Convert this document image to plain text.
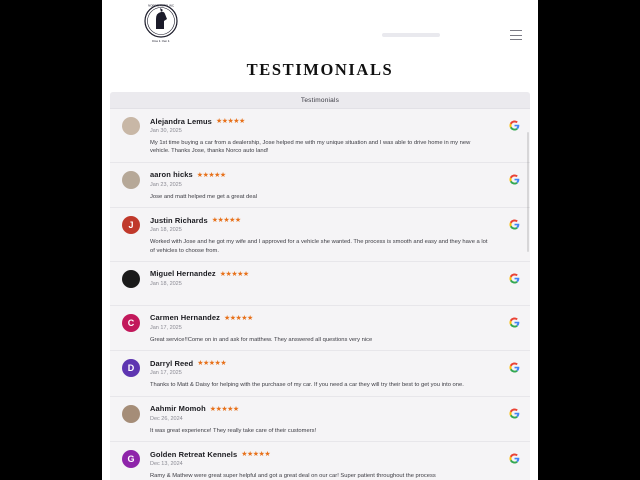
NORCO AUTO INC
Drive It. Own It.
TESTIMONIALS
Testimonials
Alejandra Lemus ★★★★★
Jan 30, 2025
My 1st time buying a car from a dealership, Jose helped me with my unique situation and I was able to drive home in my new vehicle. Thanks Jose, thanks Norco auto land!
aaron hicks ★★★★★
Jan 23, 2025
Jose and matt helped me get a great deal
J	Justin Richards ★★★★★
Jan 18, 2025
Worked with Jose and he got my wife and I approved for a vehicle she wanted. The process is smooth and easy and they have a lot of vehicles to choose from.
Miguel Hernandez ★★★★★
Jan 18, 2025
C	Carmen Hernandez ★★★★★
Jan 17, 2025
Great service!!Come on in and ask for matthew. They answered all questions very nice
D	Darryl Reed ★★★★★
Jan 17, 2025
Thanks to Matt & Daisy for helping with the purchase of my car. If you need a car they will try their best to get you into one.
Aahmir Momoh ★★★★★
Dec 26, 2024
It was great experience! They really take care of their customers!
G	Golden Retreat Kennels ★★★★★
Dec 13, 2024
Ramy & Mathew were great super helpful and got a great deal on our car! Super patient throughout the process
